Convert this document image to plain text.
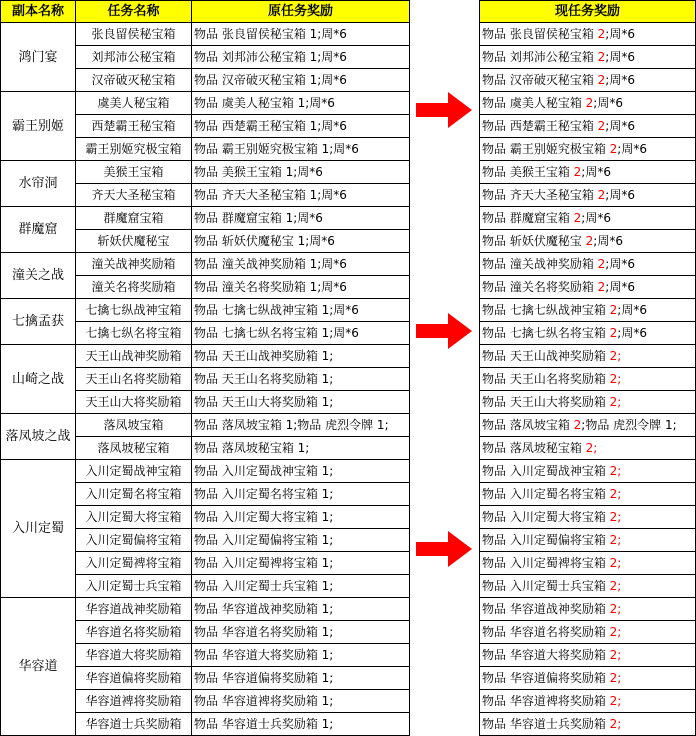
副本名称	任务名称	原任务奖励
鸿门宴	张良留侯秘宝箱	物品 张良留侯秘宝箱 1;周*6
	刘邦沛公秘宝箱	物品 刘邦沛公秘宝箱 1;周*6
	汉帝破灭秘宝箱	物品 汉帝破灭秘宝箱 1;周*6
霸王别姬	虞美人秘宝箱	物品 虞美人秘宝箱 1;周*6
	西楚霸王秘宝箱	物品 西楚霸王秘宝箱 1;周*6
	霸王别姬究极宝箱	物品 霸王别姬究极宝箱 1;周*6
水帘洞	美猴王宝箱	物品 美猴王宝箱 1;周*6
	齐天大圣秘宝箱	物品 齐天大圣秘宝箱 1;周*6
群魔窟	群魔窟宝箱	物品 群魔窟宝箱 1;周*6
	斩妖伏魔秘宝	物品 斩妖伏魔秘宝 1;周*6
潼关之战	潼关战神奖励箱	物品 潼关战神奖励箱 1;周*6
	潼关名将奖励箱	物品 潼关名将奖励箱 1;周*6
七擒孟获	七擒七纵战神宝箱	物品 七擒七纵战神宝箱 1;周*6
	七擒七纵名将宝箱	物品 七擒七纵名将宝箱 1;周*6
山崎之战	天王山战神奖励箱	物品 天王山战神奖励箱 1;
	天王山名将奖励箱	物品 天王山名将奖励箱 1;
	天王山大将奖励箱	物品 天王山大将奖励箱 1;
落凤坡之战	落凤坡宝箱	物品 落凤坡宝箱 1;物品 虎烈令牌 1;
	落凤坡秘宝箱	物品 落凤坡秘宝箱 1;
入川定蜀	入川定蜀战神宝箱	物品 入川定蜀战神宝箱 1;
	入川定蜀名将宝箱	物品 入川定蜀名将宝箱 1;
	入川定蜀大将宝箱	物品 入川定蜀大将宝箱 1;
	入川定蜀偏将宝箱	物品 入川定蜀偏将宝箱 1;
	入川定蜀裨将宝箱	物品 入川定蜀裨将宝箱 1;
	入川定蜀士兵宝箱	物品 入川定蜀士兵宝箱 1;
华容道	华容道战神奖励箱	物品 华容道战神奖励箱 1;
	华容道名将奖励箱	物品 华容道名将奖励箱 1;
	华容道大将奖励箱	物品 华容道大将奖励箱 1;
	华容道偏将奖励箱	物品 华容道偏将奖励箱 1;
	华容道裨将奖励箱	物品 华容道裨将奖励箱 1;
	华容道士兵奖励箱	物品 华容道士兵奖励箱 1;
现任务奖励
物品 张良留侯秘宝箱 2;周*6
物品 刘邦沛公秘宝箱 2;周*6
物品 汉帝破灭秘宝箱 2;周*6
物品 虞美人秘宝箱 2;周*6
物品 西楚霸王秘宝箱 2;周*6
物品 霸王别姬究极宝箱 2;周*6
物品 美猴王宝箱 2;周*6
物品 齐天大圣秘宝箱 2;周*6
物品 群魔窟宝箱 2;周*6
物品 斩妖伏魔秘宝 2;周*6
物品 潼关战神奖励箱 2;周*6
物品 潼关名将奖励箱 2;周*6
物品 七擒七纵战神宝箱 2;周*6
物品 七擒七纵名将宝箱 2;周*6
物品 天王山战神奖励箱 2;
物品 天王山名将奖励箱 2;
物品 天王山大将奖励箱 2;
物品 落凤坡宝箱 2;物品 虎烈令牌 1;
物品 落凤坡秘宝箱 2;
物品 入川定蜀战神宝箱 2;
物品 入川定蜀名将宝箱 2;
物品 入川定蜀大将宝箱 2;
物品 入川定蜀偏将宝箱 2;
物品 入川定蜀裨将宝箱 2;
物品 入川定蜀士兵宝箱 2;
物品 华容道战神奖励箱 2;
物品 华容道名将奖励箱 2;
物品 华容道大将奖励箱 2;
物品 华容道偏将奖励箱 2;
物品 华容道裨将奖励箱 2;
物品 华容道士兵奖励箱 2;
